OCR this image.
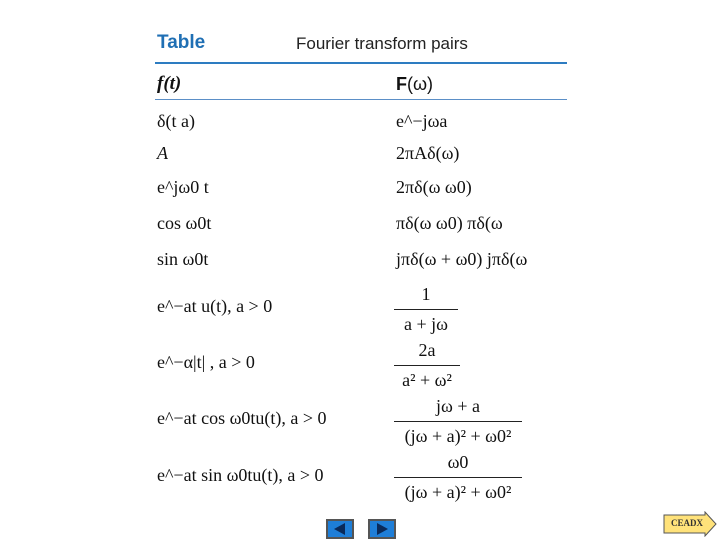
Table	Fourier transform pairs
f(t)	F(ω)
δ(t a)	e^−jωa
A	2πAδ(ω)
e^jω0 t	2πδ(ω ω0)
cos ω0t	πδ(ω ω0) πδ(ω
sin ω0t	jπδ(ω + ω0) jπδ(ω
e^−at u(t), a > 0	$\frac{1}{a + j\omega}$
e^−α|t| , a > 0	$\frac{2a}{\text{a² + ω²}}$
e^−at cos ω0tu(t), a > 0	$\frac{j\omega + a}{\text{(jω + a)² + ω0²}}$
e^−at sin ω0tu(t), a > 0	$\frac{\omega 0}{\text{(jω + a)² + ω0²}}$
CEADX
